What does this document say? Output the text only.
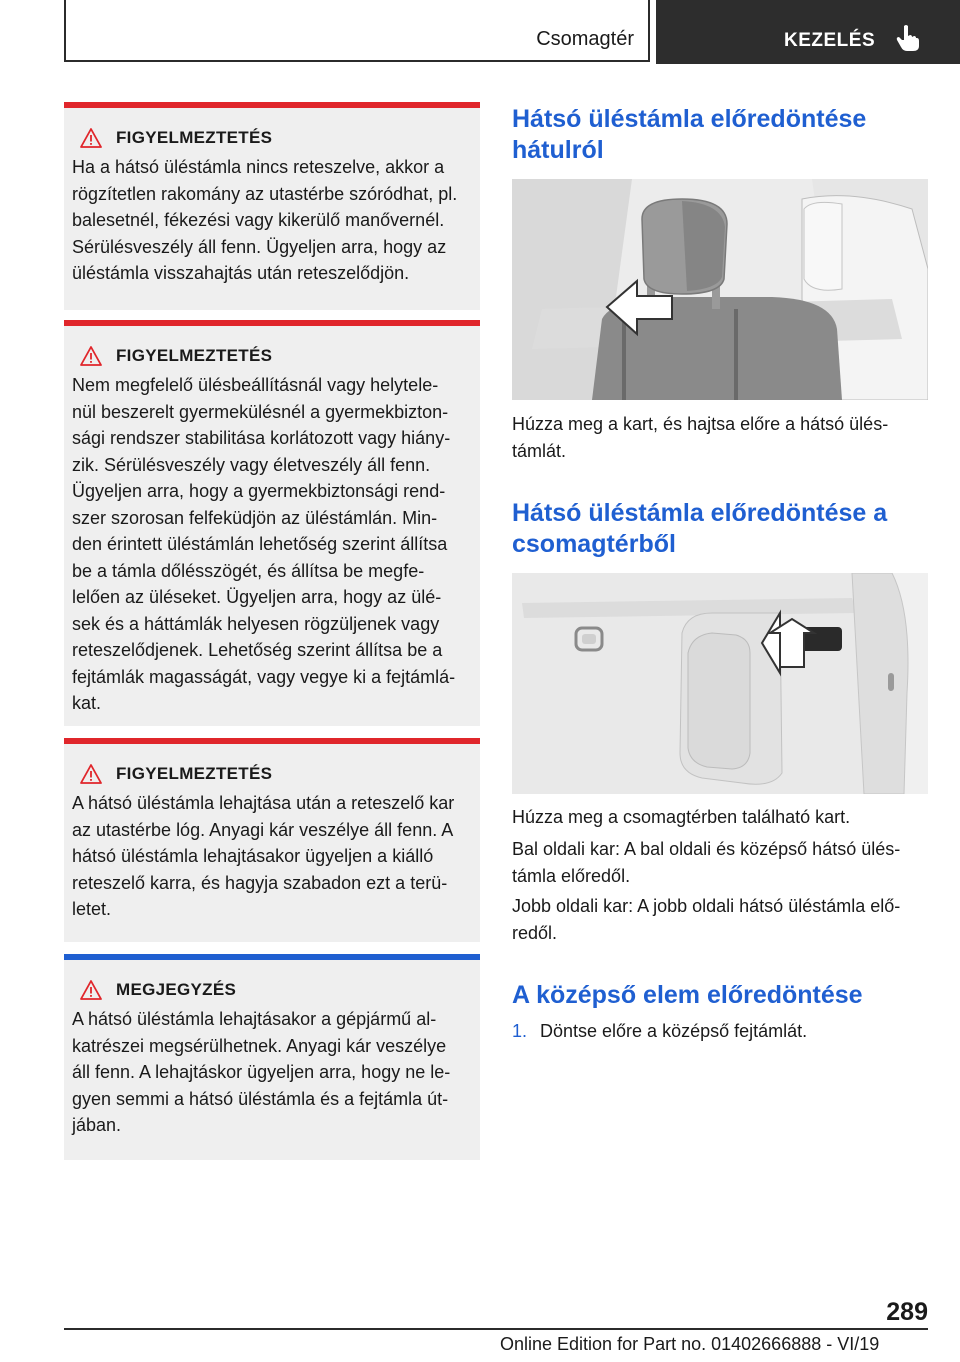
Csomagtér	KEZELÉS
FIGYELMEZTETÉS

Ha a hátsó üléstámla nincs reteszelve, akkor a
rögzítetlen rakomány az utastérbe szóródhat, pl.
balesetnél, fékezési vagy kikerülő manővernél.
Sérülésveszély áll fenn. Ügyeljen arra, hogy az
üléstámla visszahajtás után reteszelődjön.

FIGYELMEZTETÉS

Nem megfelelő ülésbeállításnál vagy helytele-
nül beszerelt gyermekülésnél a gyermekbizton-
sági rendszer stabilitása korlátozott vagy hiány-
zik. Sérülésveszély vagy életveszély áll fenn.
Ügyeljen arra, hogy a gyermekbiztonsági rend-
szer szorosan felfeküdjön az üléstámlán. Min-
den érintett üléstámlán lehetőség szerint állítsa
be a támla dőlésszögét, és állítsa be megfe-
lelően az üléseket. Ügyeljen arra, hogy az ülé-
sek és a háttámlák helyesen rögzüljenek vagy
reteszelődjenek. Lehetőség szerint állítsa be a
fejtámlák magasságát, vagy vegye ki a fejtámlá-
kat.

FIGYELMEZTETÉS

A hátsó üléstámla lehajtása után a reteszelő kar
az utastérbe lóg. Anyagi kár veszélye áll fenn. A
hátsó üléstámla lehajtásakor ügyeljen a kiálló
reteszelő karra, és hagyja szabadon ezt a terü-
letet.

MEGJEGYZÉS

A hátsó üléstámla lehajtásakor a gépjármű al-
katrészei megsérülhetnek. Anyagi kár veszélye
áll fenn. A lehajtáskor ügyeljen arra, hogy ne le-
gyen semmi a hátsó üléstámla és a fejtámla út-
jában.

Hátsó üléstámla előredöntése
hátulról

Húzza meg a kart, és hajtsa előre a hátsó ülés-
támlát.

Hátsó üléstámla előredöntése a
csomagtérből

Húzza meg a csomagtérben található kart.

Bal oldali kar: A bal oldali és középső hátsó ülés-
támla előredől.

Jobb oldali kar: A jobb oldali hátsó üléstámla elő-
redől.

A középső elem előredöntése

1. Döntse előre a középső fejtámlát.

289
Online Edition for Part no. 01402666888 - VI/19
